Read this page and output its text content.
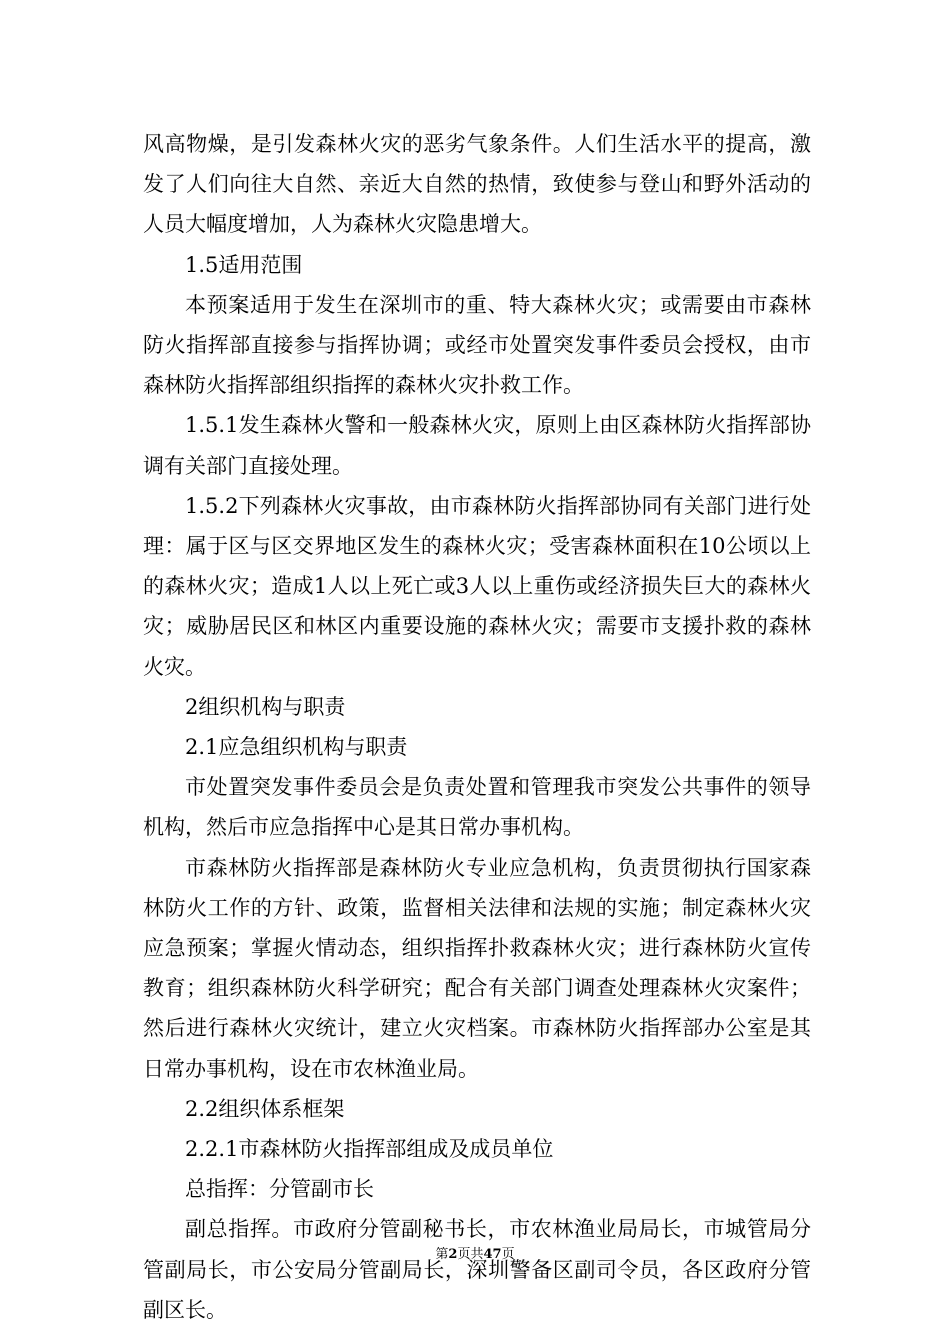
风高物燥，是引发森林火灾的恶劣气象条件。人们生活水平的提高，激发了人们向往大自然、亲近大自然的热情，致使参与登山和野外活动的人员大幅度增加，人为森林火灾隐患增大。

1.5适用范围

本预案适用于发生在深圳市的重、特大森林火灾；或需要由市森林防火指挥部直接参与指挥协调；或经市处置突发事件委员会授权，由市森林防火指挥部组织指挥的森林火灾扑救工作。

1.5.1发生森林火警和一般森林火灾，原则上由区森林防火指挥部协调有关部门直接处理。

1.5.2下列森林火灾事故，由市森林防火指挥部协同有关部门进行处理：属于区与区交界地区发生的森林火灾；受害森林面积在10公顷以上的森林火灾；造成1人以上死亡或3人以上重伤或经济损失巨大的森林火灾；威胁居民区和林区内重要设施的森林火灾；需要市支援扑救的森林火灾。

2组织机构与职责

2.1应急组织机构与职责

市处置突发事件委员会是负责处置和管理我市突发公共事件的领导机构，然后市应急指挥中心是其日常办事机构。

市森林防火指挥部是森林防火专业应急机构，负责贯彻执行国家森林防火工作的方针、政策，监督相关法律和法规的实施；制定森林火灾应急预案；掌握火情动态，组织指挥扑救森林火灾；进行森林防火宣传教育；组织森林防火科学研究；配合有关部门调查处理森林火灾案件；然后进行森林火灾统计，建立火灾档案。市森林防火指挥部办公室是其日常办事机构，设在市农林渔业局。

2.2组织体系框架

2.2.1市森林防火指挥部组成及成员单位

总指挥：分管副市长

副总指挥。市政府分管副秘书长，市农林渔业局局长，市城管局分管副局长，市公安局分管副局长，深圳警备区副司令员，各区政府分管副区长。

第2页共47页
